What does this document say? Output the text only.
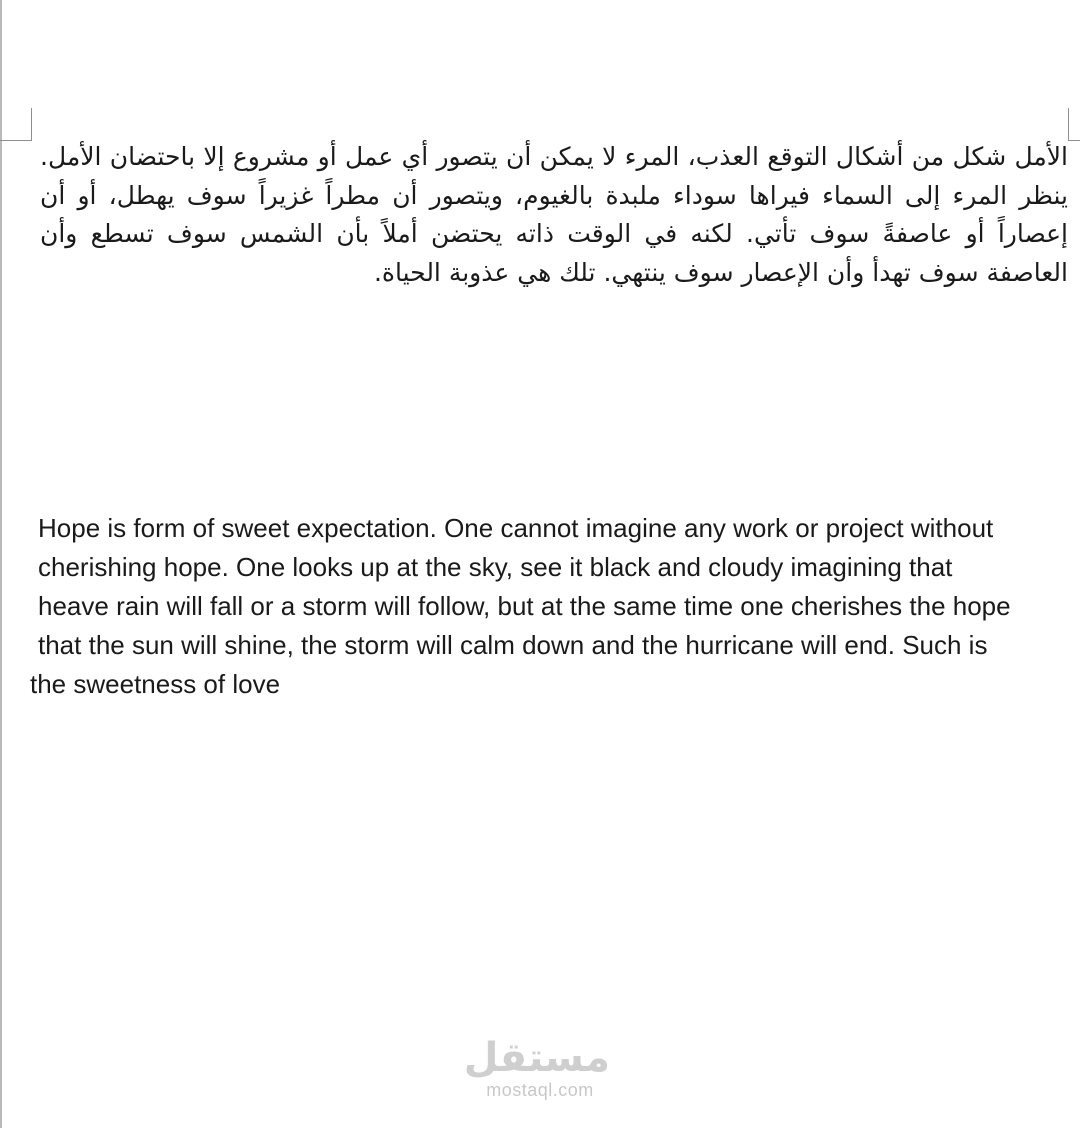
الأمل شكل من أشكال التوقع العذب، المرء لا يمكن أن يتصور أي عمل أو مشروع إلا باحتضان الأمل. ينظر المرء إلى السماء فيراها سوداء ملبدة بالغيوم، ويتصور أن مطراً غزيراً سوف يهطل، أو أن إعصاراً أو عاصفةً سوف تأتي. لكنه في الوقت ذاته يحتضن أملاً بأن الشمس سوف تسطع وأن العاصفة سوف تهدأ وأن الإعصار سوف ينتهي. تلك هي عذوبة الحياة.

Hope is form of sweet expectation. One cannot imagine any work or project without
cherishing hope. One looks up at the sky, see it black and cloudy imagining that
heave rain will fall or a storm will follow, but at the same time one cherishes the hope
that the sun will shine, the storm will calm down and the hurricane will end. Such is
the sweetness of love

مستقل
mostaql.com
